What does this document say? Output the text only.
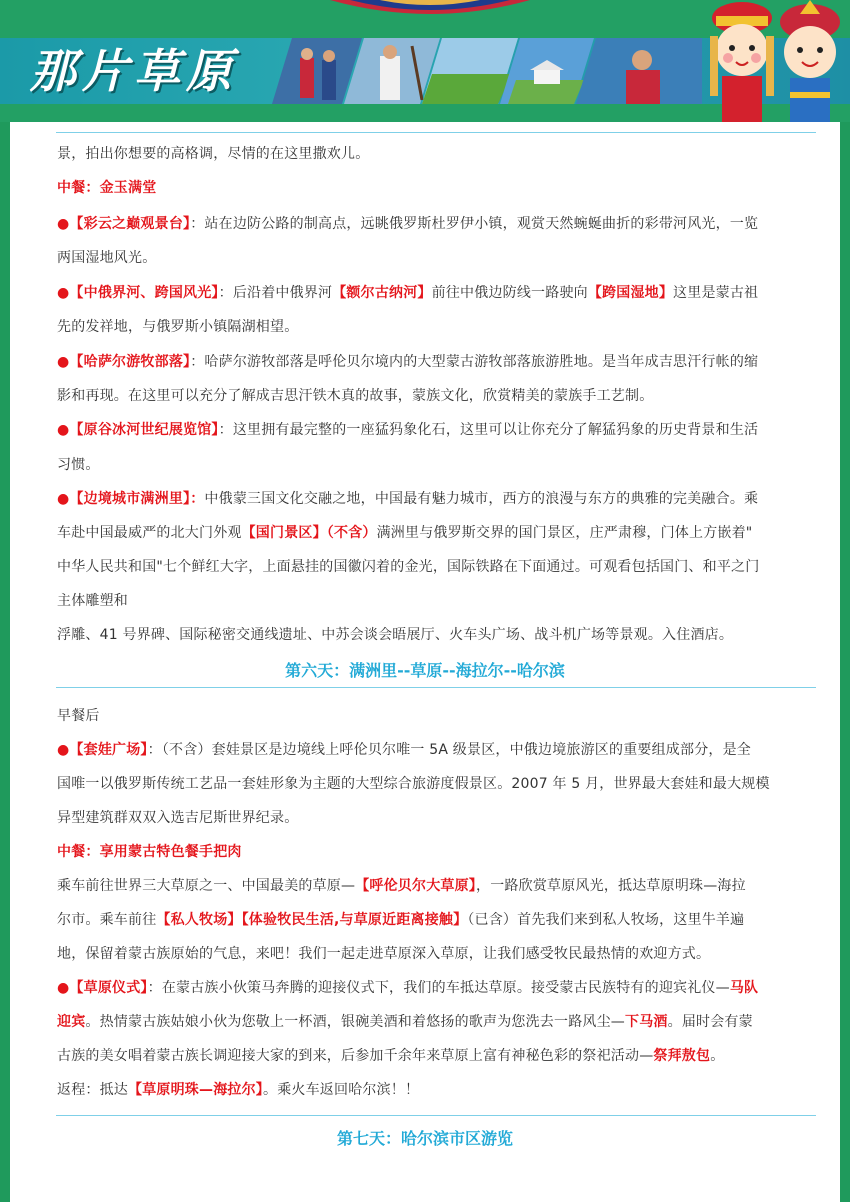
那片草原
景，拍出你想要的高格调，尽情的在这里撒欢儿。
中餐：金玉满堂
●【彩云之巅观景台】：站在边防公路的制高点，远眺俄罗斯杜罗伊小镇，观赏天然蜿蜒曲折的彩带河风光，一览
两国湿地风光。
●【中俄界河、跨国风光】：后沿着中俄界河【额尔古纳河】前往中俄边防线一路驶向【跨国湿地】这里是蒙古祖
先的发祥地，与俄罗斯小镇隔湖相望。
●【哈萨尔游牧部落】：哈萨尔游牧部落是呼伦贝尔境内的大型蒙古游牧部落旅游胜地。是当年成吉思汗行帐的缩
影和再现。在这里可以充分了解成吉思汗铁木真的故事，蒙族文化，欣赏精美的蒙族手工艺制。
●【原谷冰河世纪展览馆】：这里拥有最完整的一座猛犸象化石，这里可以让你充分了解猛犸象的历史背景和生活
习惯。
●【边境城市满洲里】：中俄蒙三国文化交融之地，中国最有魅力城市，西方的浪漫与东方的典雅的完美融合。乘
车赴中国最威严的北大门外观【国门景区】（不含）满洲里与俄罗斯交界的国门景区，庄严肃穆，门体上方嵌着"
中华人民共和国"七个鲜红大字，上面悬挂的国徽闪着的金光，国际铁路在下面通过。可观看包括国门、和平之门
主体雕塑和
浮雕、41 号界碑、国际秘密交通线遗址、中苏会谈会晤展厅、火车头广场、战斗机广场等景观。入住酒店。
第六天：满洲里--草原--海拉尔--哈尔滨
早餐后
●【套娃广场】：（不含）套娃景区是边境线上呼伦贝尔唯一 5A 级景区，中俄边境旅游区的重要组成部分，是全
国唯一以俄罗斯传统工艺品一套娃形象为主题的大型综合旅游度假景区。2007 年 5 月，世界最大套娃和最大规模
异型建筑群双双入选吉尼斯世界纪录。
中餐：享用蒙古特色餐手把肉
乘车前往世界三大草原之一、中国最美的草原—【呼伦贝尔大草原】，一路欣赏草原风光，抵达草原明珠—海拉
尔市。乘车前往【私人牧场】【体验牧民生活,与草原近距离接触】（已含）首先我们来到私人牧场，这里牛羊遍
地，保留着蒙古族原始的气息，来吧！我们一起走进草原深入草原，让我们感受牧民最热情的欢迎方式。
●【草原仪式】：在蒙古族小伙策马奔腾的迎接仪式下，我们的车抵达草原。接受蒙古民族特有的迎宾礼仪—马队
迎宾。热情蒙古族姑娘小伙为您敬上一杯酒，银碗美酒和着悠扬的歌声为您洗去一路风尘—下马酒。届时会有蒙
古族的美女唱着蒙古族长调迎接大家的到来，后参加千余年来草原上富有神秘色彩的祭祀活动—祭拜敖包。
返程：抵达【草原明珠—海拉尔】。乘火车返回哈尔滨！！
第七天：哈尔滨市区游览
